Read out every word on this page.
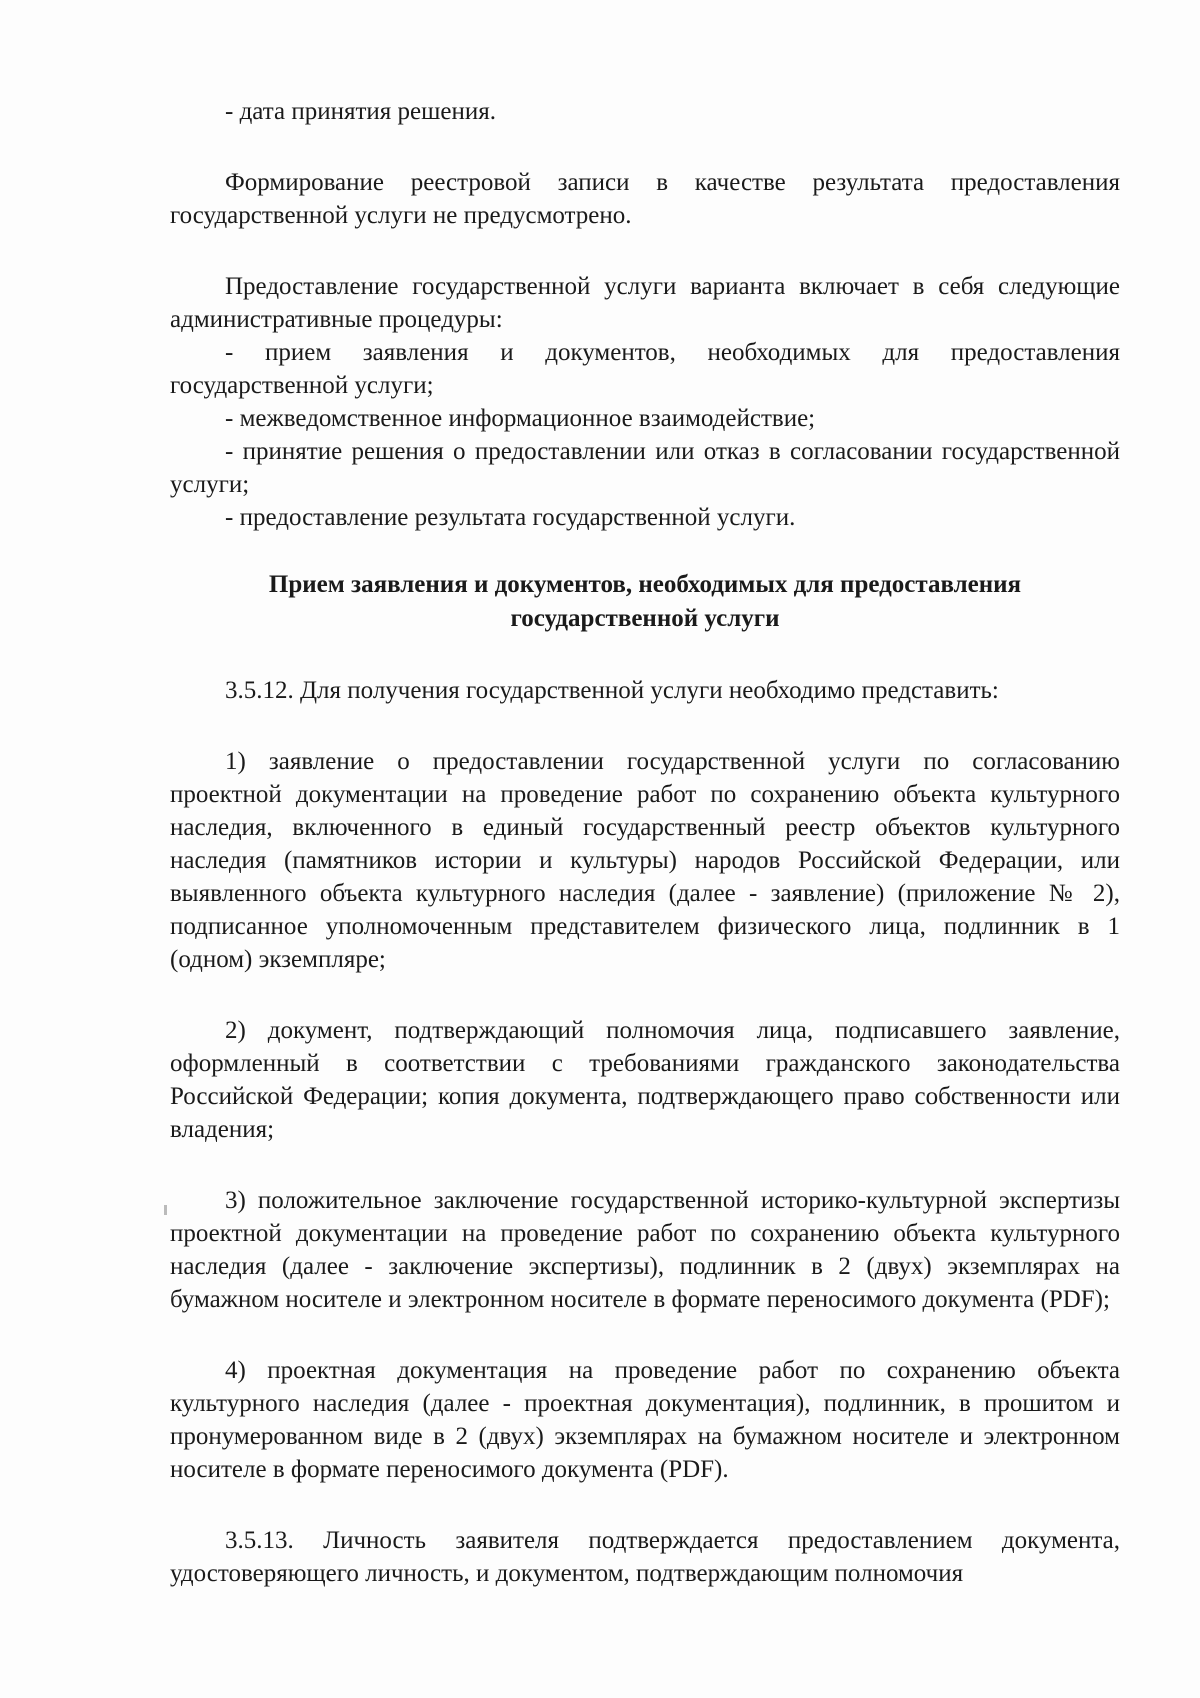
- дата принятия решения.

Формирование реестровой записи в качестве результата предоставления государственной услуги не предусмотрено.

Предоставление государственной услуги варианта включает в себя следующие административные процедуры:

- прием заявления и документов, необходимых для предоставления государственной услуги;

- межведомственное информационное взаимодействие;

- принятие решения о предоставлении или отказ в согласовании государственной услуги;

- предоставление результата государственной услуги.

Прием заявления и документов, необходимых для предоставления
государственной услуги

3.5.12. Для получения государственной услуги необходимо представить:

1) заявление о предоставлении государственной услуги по согласованию проектной документации на проведение работ по сохранению объекта культурного наследия, включенного в единый государственный реестр объектов культурного наследия (памятников истории и культуры) народов Российской Федерации, или выявленного объекта культурного наследия (далее - заявление) (приложение № 2), подписанное уполномоченным представителем физического лица, подлинник в 1 (одном) экземпляре;

2) документ, подтверждающий полномочия лица, подписавшего заявление, оформленный в соответствии с требованиями гражданского законодательства Российской Федерации; копия документа, подтверждающего право собственности или владения;

3) положительное заключение государственной историко-культурной экспертизы проектной документации на проведение работ по сохранению объекта культурного наследия (далее - заключение экспертизы), подлинник в 2 (двух) экземплярах на бумажном носителе и электронном носителе в формате переносимого документа (PDF);

4) проектная документация на проведение работ по сохранению объекта культурного наследия (далее - проектная документация), подлинник, в прошитом и пронумерованном виде в 2 (двух) экземплярах на бумажном носителе и электронном носителе в формате переносимого документа (PDF).

3.5.13. Личность заявителя подтверждается предоставлением документа, удостоверяющего личность, и документом, подтверждающим полномочия
